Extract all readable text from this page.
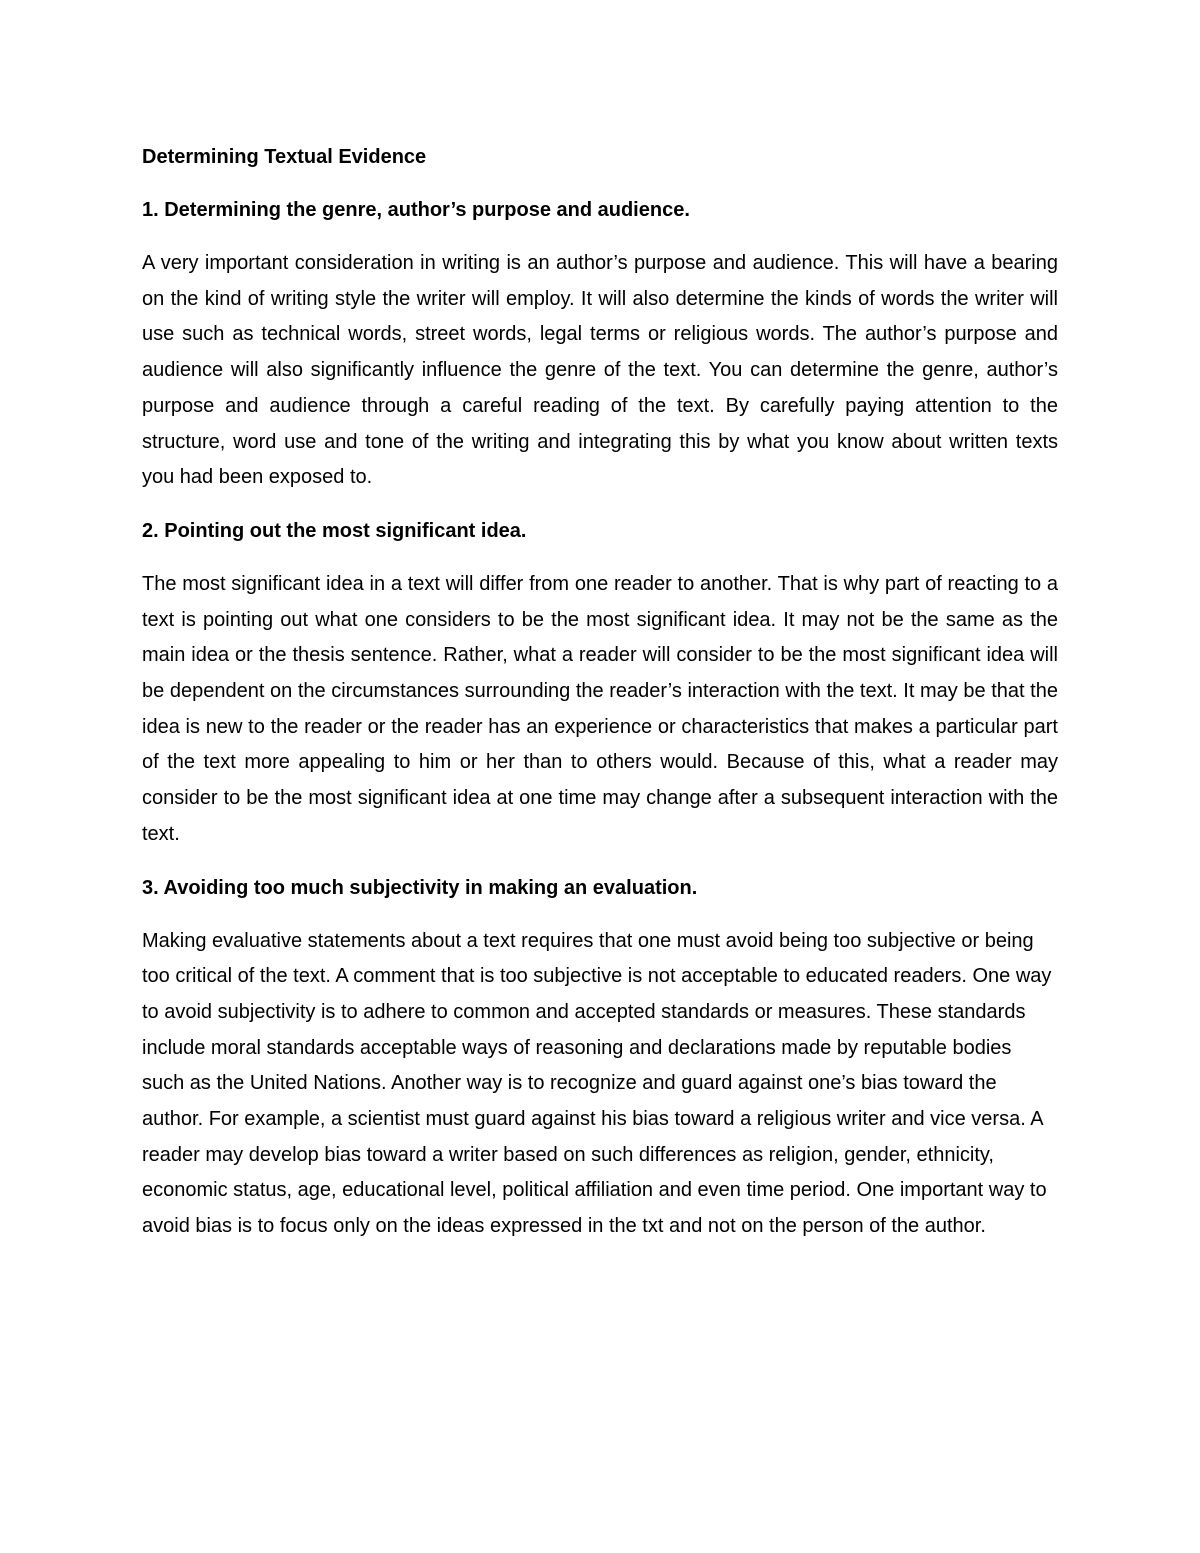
Determining Textual Evidence
1. Determining the genre, author’s purpose and audience.
A very important consideration in writing is an author’s purpose and audience. This will have a bearing on the kind of writing style the writer will employ. It will also determine the kinds of words the writer will use such as technical words, street words, legal terms or religious words. The author’s purpose and audience will also significantly influence the genre of the text. You can determine the genre, author’s purpose and audience through a careful reading of the text. By carefully paying attention to the structure, word use and tone of the writing and integrating this by what you know about written texts you had been exposed to.
2. Pointing out the most significant idea.
The most significant idea in a text will differ from one reader to another. That is why part of reacting to a text is pointing out what one considers to be the most significant idea. It may not be the same as the main idea or the thesis sentence. Rather, what a reader will consider to be the most significant idea will be dependent on the circumstances surrounding the reader’s interaction with the text. It may be that the idea is new to the reader or the reader has an experience or characteristics that makes a particular part of the text more appealing to him or her than to others would. Because of this, what a reader may consider to be the most significant idea at one time may change after a subsequent interaction with the text.
3. Avoiding too much subjectivity in making an evaluation.
Making evaluative statements about a text requires that one must avoid being too subjective or being too critical of the text. A comment that is too subjective is not acceptable to educated readers. One way to avoid subjectivity is to adhere to common and accepted standards or measures. These standards include moral standards acceptable ways of reasoning and declarations made by reputable bodies such as the United Nations. Another way is to recognize and guard against one’s bias toward the author. For example, a scientist must guard against his bias toward a religious writer and vice versa. A reader may develop bias toward a writer based on such differences as religion, gender, ethnicity, economic status, age, educational level, political affiliation and even time period. One important way to avoid bias is to focus only on the ideas expressed in the txt and not on the person of the author.
